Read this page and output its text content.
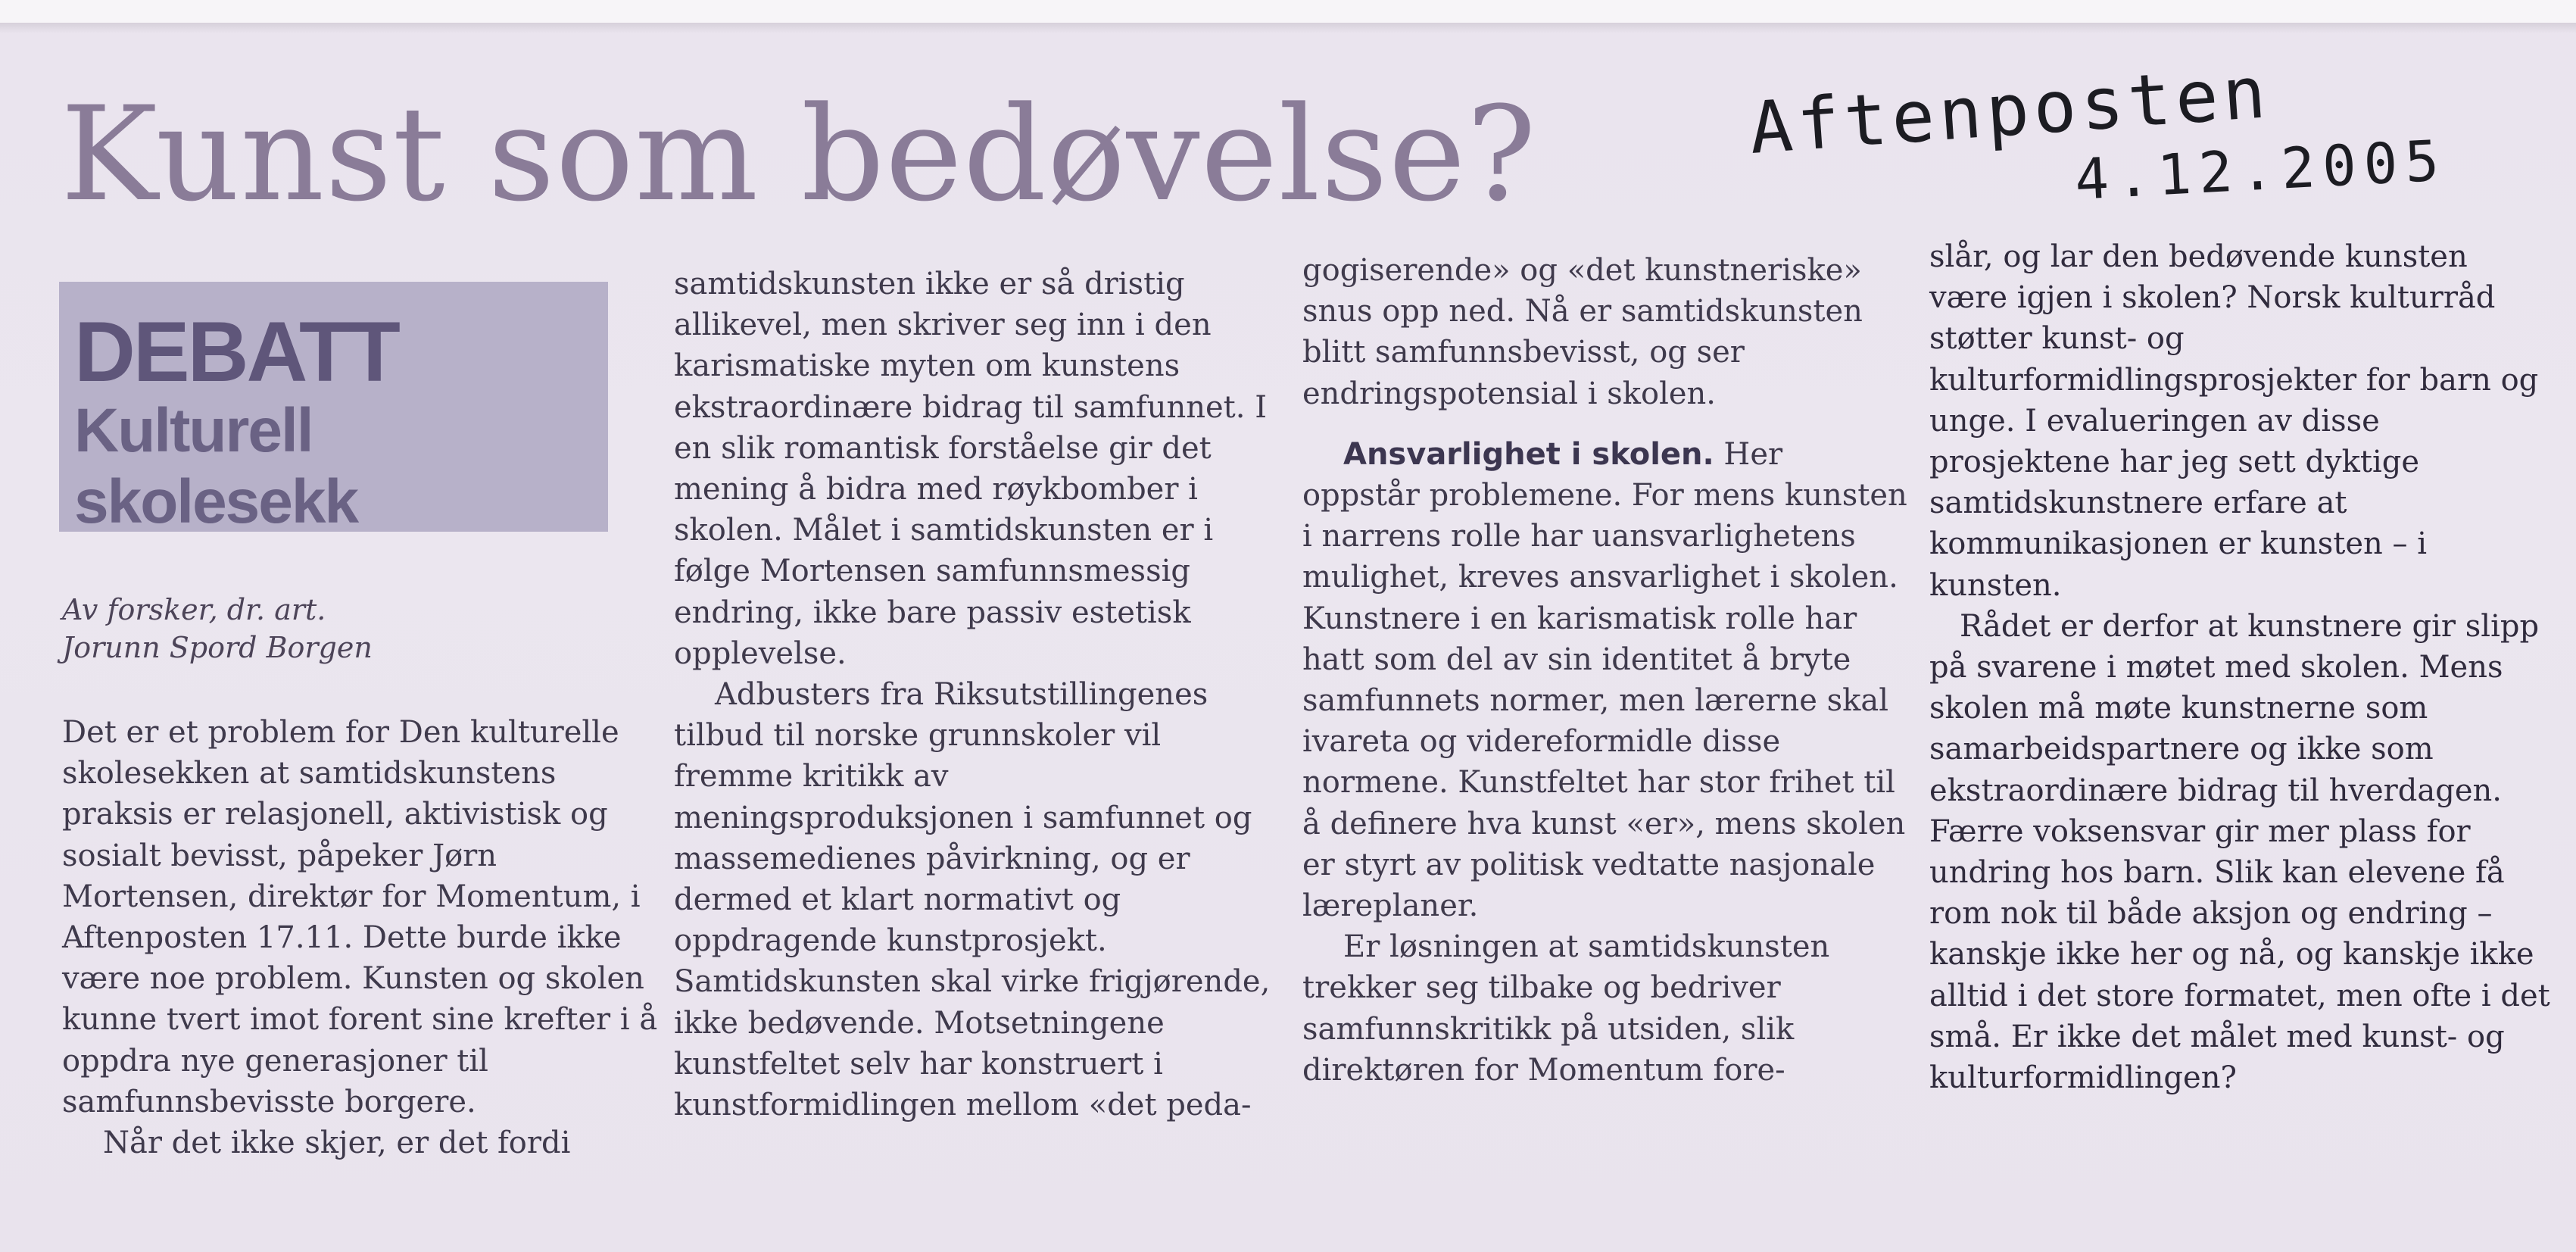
Kunst som bedøvelse?	Aftenposten
4.12.2005
DEBATT
Kulturell skolesekk
Av forsker, dr. art.
Jorunn Spord Borgen

Det er et problem for Den kulturelle skolesekken at samtidskunstens praksis er relasjonell, aktivistisk og sosialt bevisst, påpeker Jørn Mortensen, direktør for Momentum, i Aftenposten 17.11. Dette burde ikke være noe problem. Kunsten og skolen kunne tvert imot forent sine krefter i å oppdra nye generasjoner til samfunnsbevisste borgere.

Når det ikke skjer, er det fordi

samtidskunsten ikke er så dristig allikevel, men skriver seg inn i den karismatiske myten om kunstens ekstraordinære bidrag til samfunnet. I en slik romantisk forståelse gir det mening å bidra med røykbomber i skolen. Målet i samtidskunsten er i følge Mortensen samfunnsmessig endring, ikke bare passiv estetisk opplevelse.

Adbusters fra Riksutstillingenes tilbud til norske grunnskoler vil fremme kritikk av meningsproduksjonen i samfunnet og massemedienes påvirkning, og er dermed et klart normativt og oppdragende kunstprosjekt. Samtidskunsten skal virke frigjørende, ikke bedøvende. Motsetningene kunstfeltet selv har konstruert i kunstformidlingen mellom «det peda-

gogiserende» og «det kunstneriske» snus opp ned. Nå er samtidskunsten blitt samfunnsbevisst, og ser endringspotensial i skolen.

Ansvarlighet i skolen. Her oppstår problemene. For mens kunsten i narrens rolle har uansvarlighetens mulighet, kreves ansvarlighet i skolen. Kunstnere i en karismatisk rolle har hatt som del av sin identitet å bryte samfunnets normer, men lærerne skal ivareta og videreformidle disse normene. Kunstfeltet har stor frihet til å definere hva kunst «er», mens skolen er styrt av politisk vedtatte nasjonale læreplaner.

Er løsningen at samtidskunsten trekker seg tilbake og bedriver samfunnskritikk på utsiden, slik direktøren for Momentum fore-

slår, og lar den bedøvende kunsten være igjen i skolen? Norsk kulturråd støtter kunst- og kulturformidlingsprosjekter for barn og unge. I evalueringen av disse prosjektene har jeg sett dyktige samtidskunstnere erfare at kommunikasjonen er kunsten – i kunsten.

Rådet er derfor at kunstnere gir slipp på svarene i møtet med skolen. Mens skolen må møte kunstnerne som samarbeidspartnere og ikke som ekstraordinære bidrag til hverdagen. Færre voksensvar gir mer plass for undring hos barn. Slik kan elevene få rom nok til både aksjon og endring – kanskje ikke her og nå, og kanskje ikke alltid i det store formatet, men ofte i det små. Er ikke det målet med kunst- og kulturformidlingen?
